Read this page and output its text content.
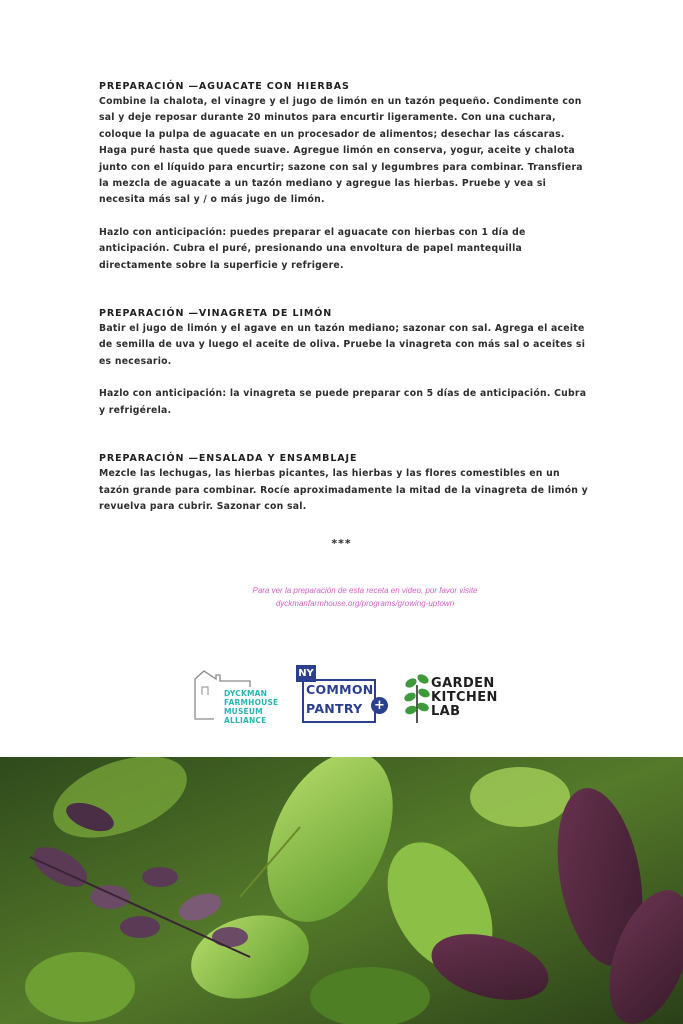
PREPARACIÓN —AGUACATE CON HIERBAS

Combine la chalota, el vinagre y el jugo de limón en un tazón pequeño. Condimente con sal y deje reposar durante 20 minutos para encurtir ligeramente. Con una cuchara, coloque la pulpa de aguacate en un procesador de alimentos; desechar las cáscaras. Haga puré hasta que quede suave. Agregue limón en conserva, yogur, aceite y chalota junto con el líquido para encurtir; sazone con sal y legumbres para combinar. Transfiera la mezcla de aguacate a un tazón mediano y agregue las hierbas. Pruebe y vea si necesita más sal y / o más jugo de limón.

Hazlo con anticipación: puedes preparar el aguacate con hierbas con 1 día de anticipación. Cubra el puré, presionando una envoltura de papel mantequilla directamente sobre la superficie y refrigere.

PREPARACIÓN —VINAGRETA DE LIMÓN

Batir el jugo de limón y el agave en un tazón mediano; sazonar con sal. Agrega el aceite de semilla de uva y luego el aceite de oliva. Pruebe la vinagreta con más sal o aceites si es necesario.

Hazlo con anticipación: la vinagreta se puede preparar con 5 días de anticipación. Cubra y refrigérela.

PREPARACIÓN —ENSALADA Y ENSAMBLAJE

Mezcle las lechugas, las hierbas picantes, las hierbas y las flores comestibles en un tazón grande para combinar. Rocíe aproximadamente la mitad de la vinagreta de limón y revuelva para cubrir. Sazonar con sal.

***
Para ver la preparación de esta receta en video, por favor visite
dyckmanfarmhouse.org/programs/growing-uptown
DYCKMAN
FARMHOUSE
MUSEUM
ALLIANCE
NY
COMMON
PANTRY +
GARDEN
KITCHEN
LAB
